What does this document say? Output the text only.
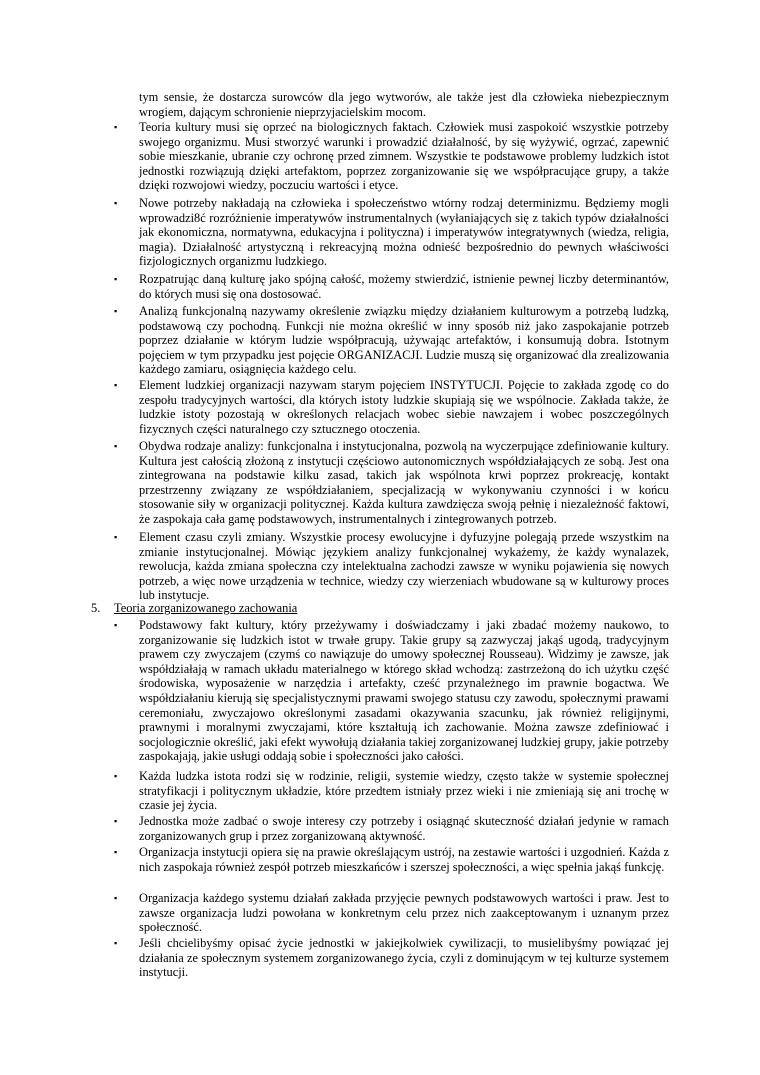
tym sensie, że dostarcza surowców dla jego wytworów, ale także jest dla człowieka niebezpiecznym wrogiem, dającym schronienie nieprzyjacielskim mocom.
▪ Teoria kultury musi się oprzeć na biologicznych faktach. Człowiek musi zaspokoić wszystkie potrzeby swojego organizmu. Musi stworzyć warunki i prowadzić działalność, by się wyżywić, ogrzać, zapewnić sobie mieszkanie, ubranie czy ochronę przed zimnem. Wszystkie te podstawowe problemy ludzkich istot jednostki rozwiązują dzięki artefaktom, poprzez zorganizowanie się we współpracujące grupy, a także dzięki rozwojowi wiedzy, poczuciu wartości i etyce.
▪ Nowe potrzeby nakładają na człowieka i społeczeństwo wtórny rodzaj determinizmu. Będziemy mogli wprowadzi8ć rozróżnienie imperatywów instrumentalnych (wyłaniających się z takich typów działalności jak ekonomiczna, normatywna, edukacyjna i polityczna) i imperatywów integratywnych (wiedza, religia, magia). Działalność artystyczną i rekreacyjną można odnieść bezpośrednio do pewnych właściwości fizjologicznych organizmu ludzkiego.
▪ Rozpatrując daną kulturę jako spójną całość, możemy stwierdzić, istnienie pewnej liczby determinantów, do których musi się ona dostosować.
▪ Analizą funkcjonalną nazywamy określenie związku między działaniem kulturowym a potrzebą ludzką, podstawową czy pochodną. Funkcji nie można określić w inny sposób niż jako zaspokajanie potrzeb poprzez działanie w którym ludzie współpracują, używając artefaktów, i konsumują dobra. Istotnym pojęciem w tym przypadku jest pojęcie ORGANIZACJI. Ludzie muszą się organizować dla zrealizowania każdego zamiaru, osiągnięcia każdego celu.
▪ Element ludzkiej organizacji nazywam starym pojęciem INSTYTUCJI. Pojęcie to zakłada zgodę co do zespołu tradycyjnych wartości, dla których istoty ludzkie skupiają się we wspólnocie. Zakłada także, że ludzkie istoty pozostają w określonych relacjach wobec siebie nawzajem i wobec poszczególnych fizycznych części naturalnego czy sztucznego otoczenia.
▪ Obydwa rodzaje analizy: funkcjonalna i instytucjonalna, pozwolą na wyczerpujące zdefiniowanie kultury. Kultura jest całością złożoną z instytucji częściowo autonomicznych współdziałających ze sobą. Jest ona zintegrowana na podstawie kilku zasad, takich jak wspólnota krwi poprzez prokreację, kontakt przestrzenny związany ze współdziałaniem, specjalizacją w wykonywaniu czynności i w końcu stosowanie siły w organizacji politycznej. Każda kultura zawdzięcza swoją pełnię i niezależność faktowi, że zaspokaja cała gamę podstawowych, instrumentalnych i zintegrowanych potrzeb.
▪ Element czasu czyli zmiany. Wszystkie procesy ewolucyjne i dyfuzyjne polegają przede wszystkim na zmianie instytucjonalnej. Mówiąc językiem analizy funkcjonalnej wykażemy, że każdy wynalazek, rewolucja, każda zmiana społeczna czy intelektualna zachodzi zawsze w wyniku pojawienia się nowych potrzeb, a więc nowe urządzenia w technice, wiedzy czy wierzeniach wbudowane są w kulturowy proces lub instytucje.
5. Teoria zorganizowanego zachowania
▪ Podstawowy fakt kultury, który przeżywamy i doświadczamy i jaki zbadać możemy naukowo, to zorganizowanie się ludzkich istot w trwałe grupy. Takie grupy są zazwyczaj jakąś ugodą, tradycyjnym prawem czy zwyczajem (czymś co nawiązuje do umowy społecznej Rousseau). Widzimy je zawsze, jak współdziałają w ramach układu materialnego w którego skład wchodzą: zastrzeżoną do ich użytku część środowiska, wyposażenie w narzędzia i artefakty, cześć przynależnego im prawnie bogactwa. We współdziałaniu kierują się specjalistycznymi prawami swojego statusu czy zawodu, społecznymi prawami ceremoniału, zwyczajowo określonymi zasadami okazywania szacunku, jak również religijnymi, prawnymi i moralnymi zwyczajami, które kształtują ich zachowanie. Można zawsze zdefiniować i socjologicznie określić, jaki efekt wywołują działania takiej zorganizowanej ludzkiej grupy, jakie potrzeby zaspokajają, jakie usługi oddają sobie i społeczności jako całości.
▪ Każda ludzka istota rodzi się w rodzinie, religii, systemie wiedzy, często także w systemie społecznej stratyfikacji i politycznym układzie, które przedtem istniały przez wieki i nie zmieniają się ani trochę w czasie jej życia.
▪ Jednostka może zadbać o swoje interesy czy potrzeby i osiągnąć skuteczność działań jedynie w ramach zorganizowanych grup i przez zorganizowaną aktywność.
▪ Organizacja instytucji opiera się na prawie określającym ustrój, na zestawie wartości i uzgodnień. Każda z nich zaspokaja również zespół potrzeb mieszkańców i szerszej społeczności, a więc spełnia jakąś funkcję.
▪ Organizacja każdego systemu działań zakłada przyjęcie pewnych podstawowych wartości i praw. Jest to zawsze organizacja ludzi powołana w konkretnym celu przez nich zaakceptowanym i uznanym przez społeczność.
▪ Jeśli chcielibyśmy opisać życie jednostki w jakiejkolwiek cywilizacji, to musielibyśmy powiązać jej działania ze społecznym systemem zorganizowanego życia, czyli z dominującym w tej kulturze systemem instytucji.
